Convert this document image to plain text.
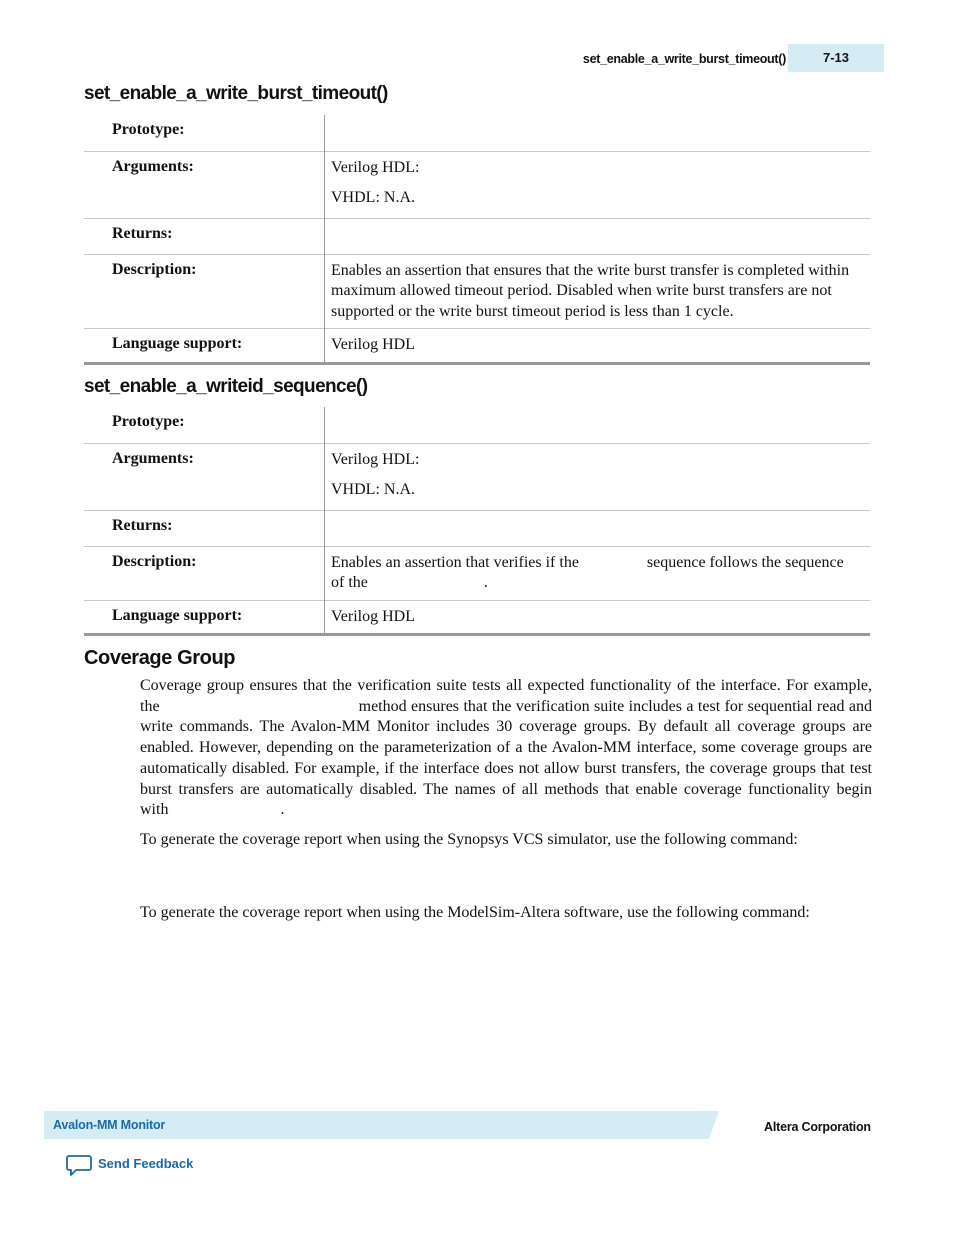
set_enable_a_write_burst_timeout()	7-13
set_enable_a_write_burst_timeout()
Prototype:	

Arguments:	Verilog HDL:

VHDL: N.A.

Returns:	

Description:	Enables an assertion that ensures that the write burst transfer is completed within maximum allowed timeout period. Disabled when write burst transfers are not supported or the write burst timeout period is less than 1 cycle.

Language support:	Verilog HDL
set_enable_a_writeid_sequence()
Prototype:	

Arguments:	Verilog HDL:

VHDL: N.A.

Returns:	

Description:	Enables an assertion that verifies if the                 sequence follows the sequence of the                             .

Language support:	Verilog HDL
Coverage Group

Coverage group ensures that the verification suite tests all expected functionality of the interface. For example, the                                             method ensures that the verification suite includes a test for sequential read and write commands. The Avalon-MM Monitor includes 30 coverage groups. By default all coverage groups are enabled. However, depending on the parameterization of a the Avalon-MM interface, some coverage groups are automatically disabled. For example, if the interface does not allow burst transfers, the coverage groups that test burst transfers are automatically disabled. The names of all methods that enable coverage functionality begin with                            .

To generate the coverage report when using the Synopsys VCS simulator, use the following command:

To generate the coverage report when using the ModelSim-Altera software, use the following command:

Avalon-MM Monitor	Altera Corporation
Send Feedback
